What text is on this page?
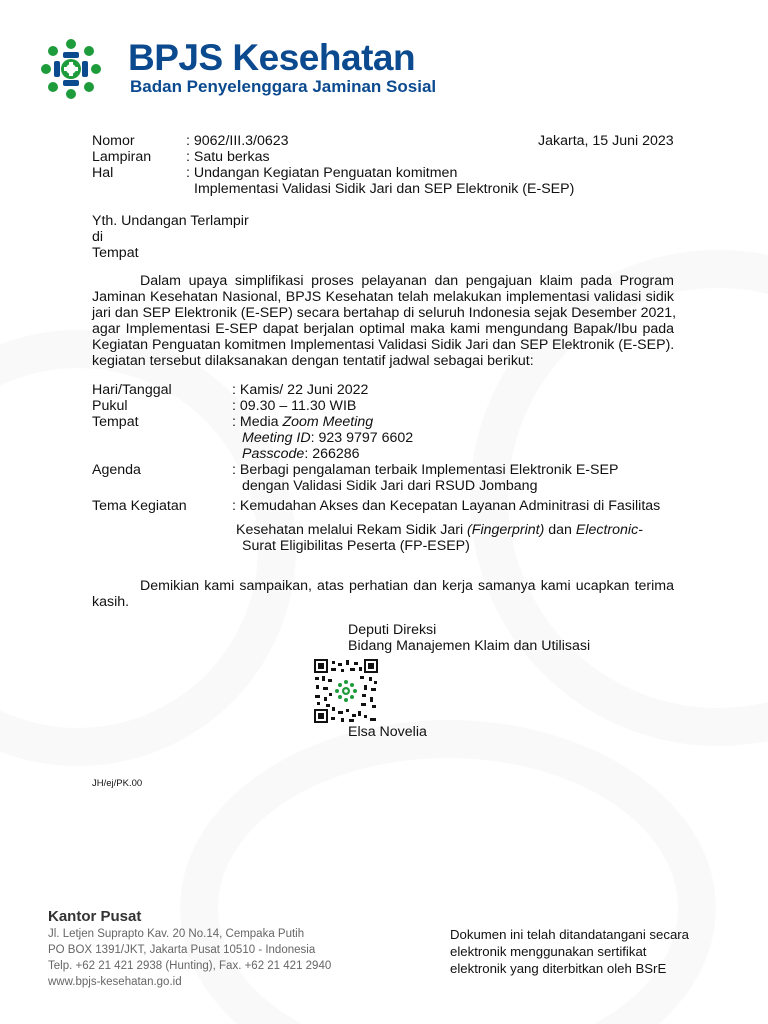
BPJS Kesehatan
Badan Penyelenggara Jaminan Sosial
Nomor	: 9062/III.3/0623	Jakarta, 15 Juni 2023
Lampiran : Satu berkas
Hal	: Undangan Kegiatan Penguatan komitmen
Implementasi Validasi Sidik Jari dan SEP Elektronik (E-SEP)
Yth. Undangan Terlampir
di
Tempat
Dalam upaya simplifikasi proses pelayanan dan pengajuan klaim pada Program
Jaminan Kesehatan Nasional, BPJS Kesehatan telah melakukan implementasi validasi sidik
jari dan SEP Elektronik (E-SEP) secara bertahap di seluruh Indonesia sejak Desember 2021,
agar Implementasi E-SEP dapat berjalan optimal maka kami mengundang Bapak/Ibu pada
Kegiatan Penguatan komitmen Implementasi Validasi Sidik Jari dan SEP Elektronik (E-SEP).
kegiatan tersebut dilaksanakan dengan tentatif jadwal sebagai berikut:
Hari/Tanggal	: Kamis/ 22 Juni 2022
Pukul	: 09.30 – 11.30 WIB
Tempat	: Media Zoom Meeting
Meeting ID: 923 9797 6602
Passcode: 266286
Agenda	: Berbagi pengalaman terbaik Implementasi Elektronik E-SEP
dengan Validasi Sidik Jari dari RSUD Jombang
Tema Kegiatan	: Kemudahan Akses dan Kecepatan Layanan Adminitrasi di Fasilitas
Kesehatan melalui Rekam Sidik Jari (Fingerprint) dan Electronic-
Surat Eligibilitas Peserta (FP-ESEP)
Demikian kami sampaikan, atas perhatian dan kerja samanya kami ucapkan terima
kasih.
Deputi Direksi
Bidang Manajemen Klaim dan Utilisasi
Elsa Novelia
JH/ej/PK.00
Kantor Pusat
Jl. Letjen Suprapto Kav. 20 No.14, Cempaka Putih
PO BOX 1391/JKT, Jakarta Pusat 10510 - Indonesia
Telp. +62 21 421 2938 (Hunting), Fax. +62 21 421 2940
www.bpjs-kesehatan.go.id
Dokumen ini telah ditandatangani secara
elektronik menggunakan sertifikat
elektronik yang diterbitkan oleh BSrE
